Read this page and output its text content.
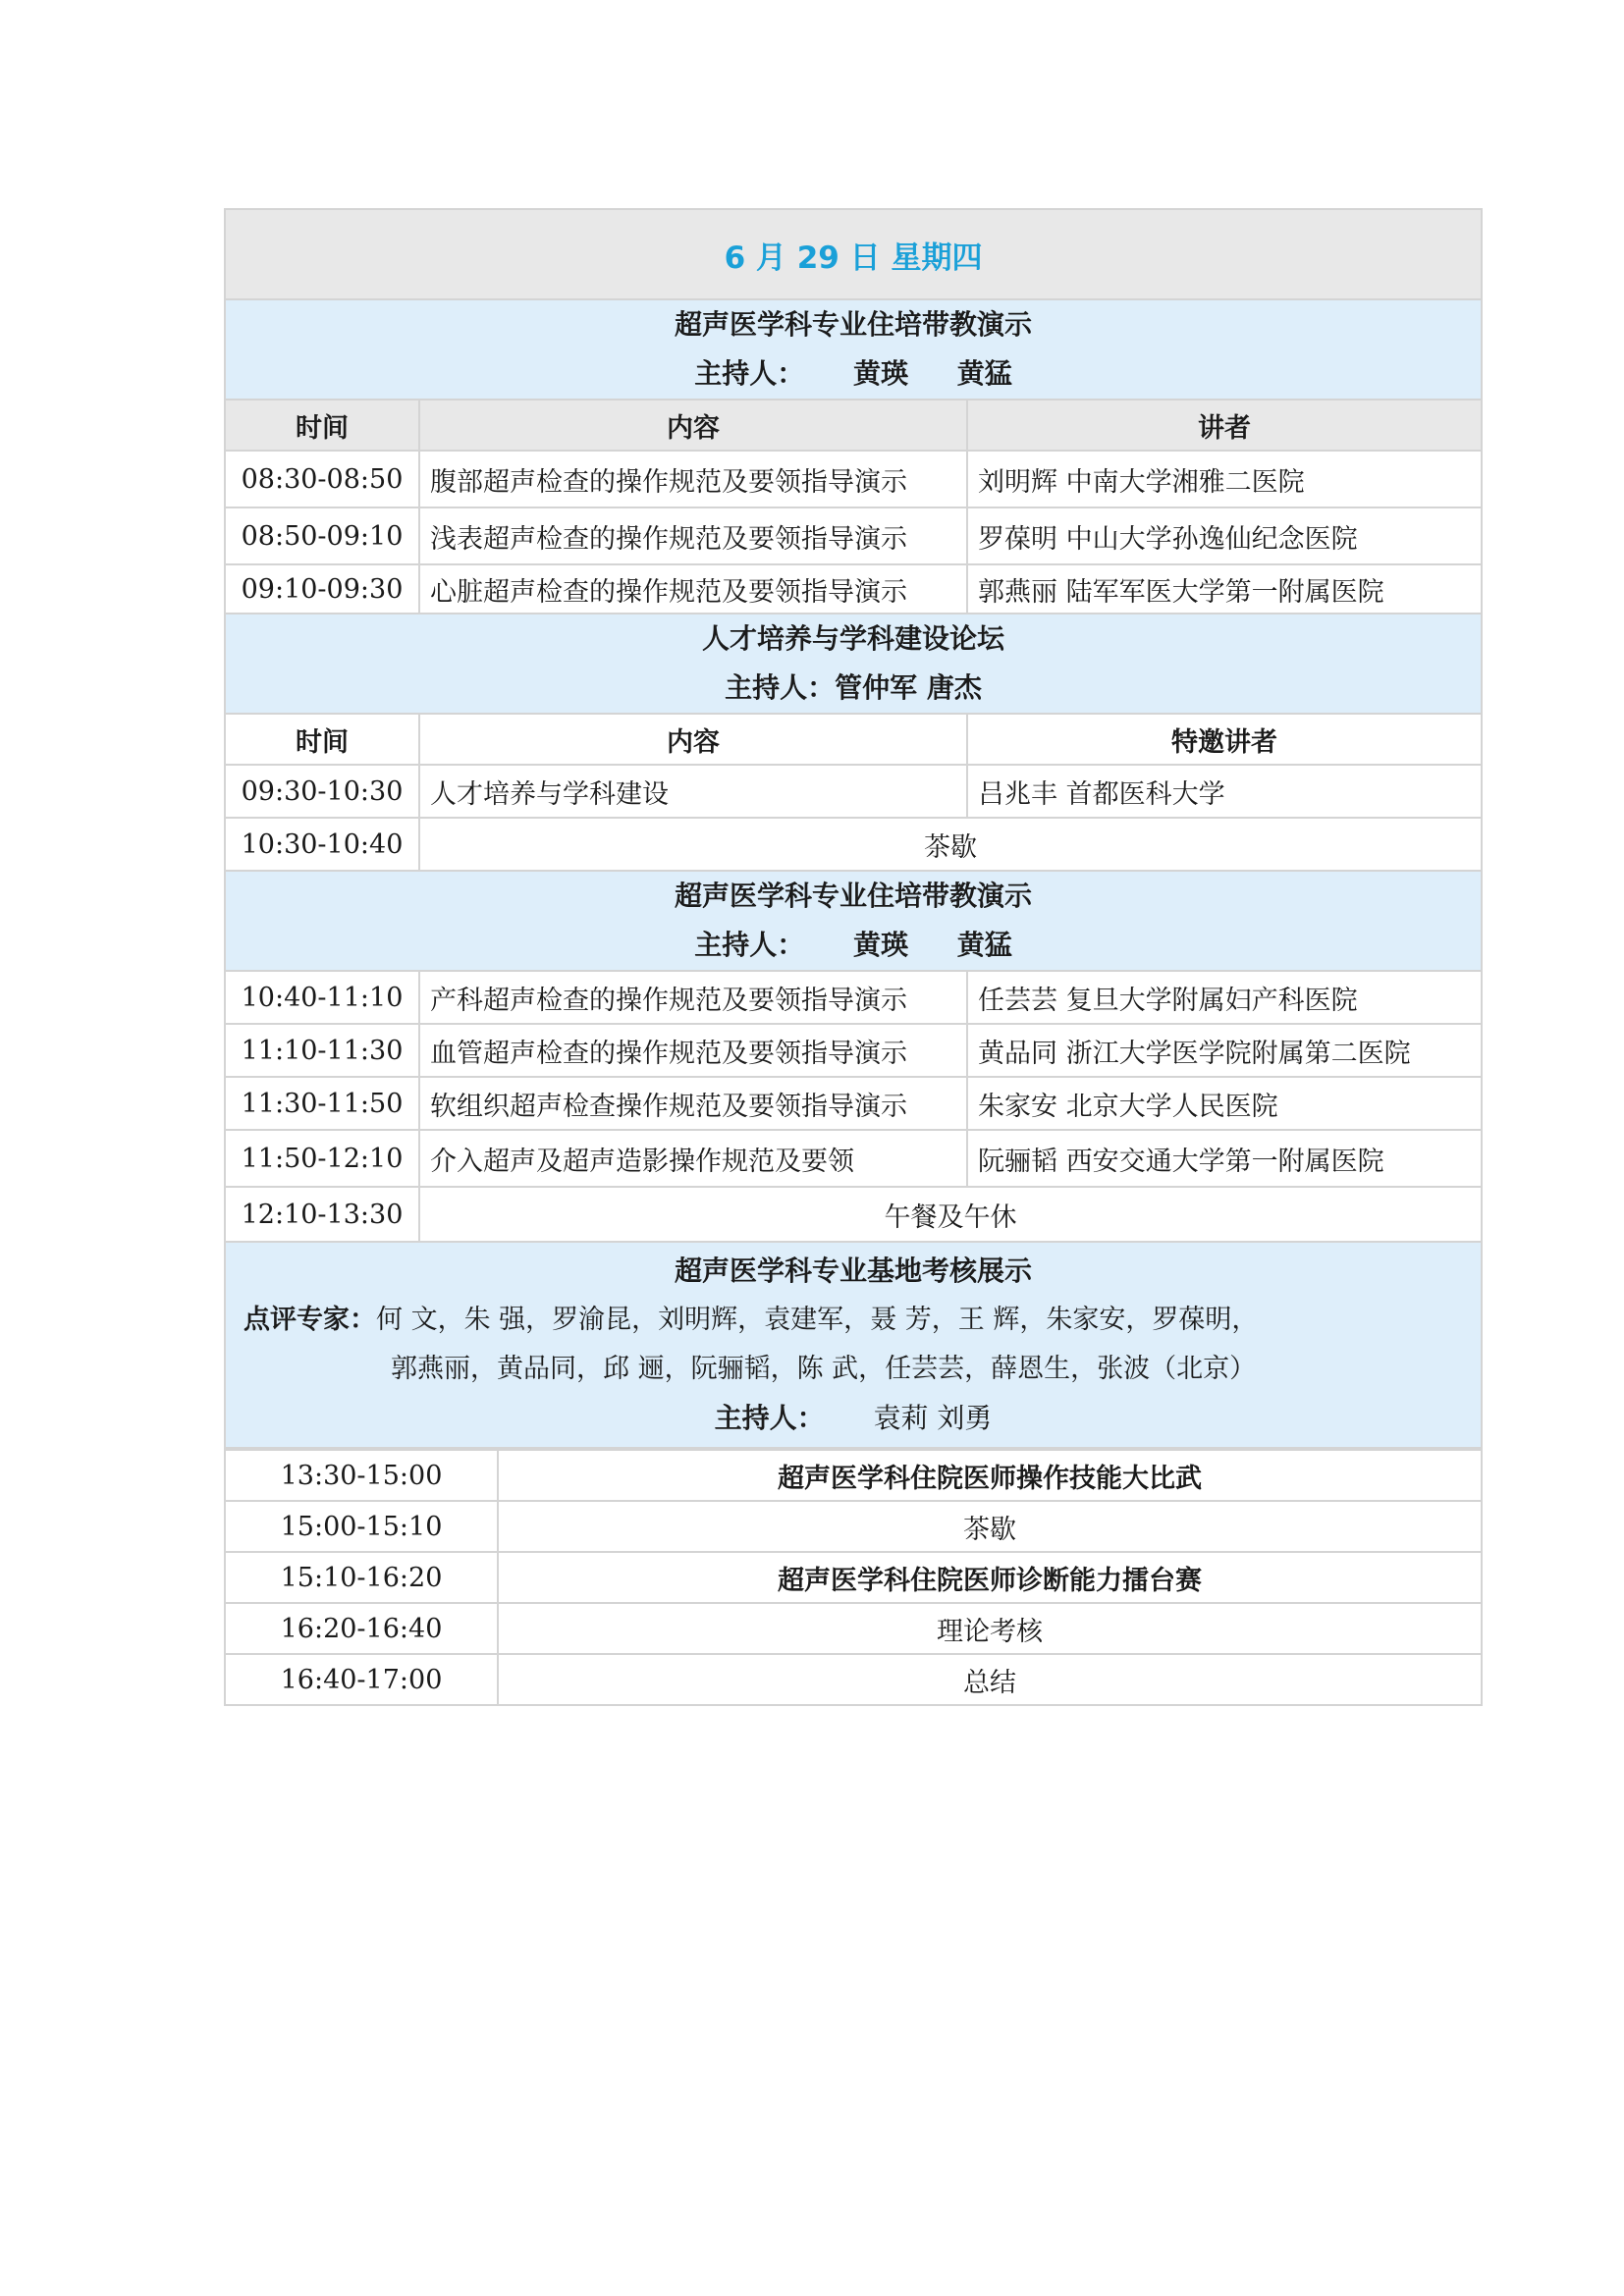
6 月 29 日 星期四		

超声医学科专业住培带教演示
主持人： 黄瑛 黄猛		

时间	内容	讲者
08:30-08:50	腹部超声检查的操作规范及要领指导演示	刘明辉 中南大学湘雅二医院
08:50-09:10	浅表超声检查的操作规范及要领指导演示	罗葆明 中山大学孙逸仙纪念医院
09:10-09:30	心脏超声检查的操作规范及要领指导演示	郭燕丽 陆军军医大学第一附属医院

人才培养与学科建设论坛
主持人：管仲军 唐杰		

时间	内容	特邀讲者
09:30-10:30	人才培养与学科建设	吕兆丰 首都医科大学
10:30-10:40	茶歇	

超声医学科专业住培带教演示
主持人： 黄瑛 黄猛		

10:40-11:10	产科超声检查的操作规范及要领指导演示	任芸芸 复旦大学附属妇产科医院
11:10-11:30	血管超声检查的操作规范及要领指导演示	黄品同 浙江大学医学院附属第二医院
11:30-11:50	软组织超声检查操作规范及要领指导演示	朱家安 北京大学人民医院
11:50-12:10	介入超声及超声造影操作规范及要领	阮骊韬 西安交通大学第一附属医院
12:10-13:30	午餐及午休	

超声医学科专业基地考核展示
点评专家：何 文，朱 强，罗渝昆，刘明辉，袁建军，聂 芳，王 辉，朱家安，罗葆明，
郭燕丽，黄品同，邱 逦，阮骊韬，陈 武，任芸芸，薛恩生，张波（北京）
主持人： 袁莉 刘勇		
13:30-15:00	超声医学科住院医师操作技能大比武
15:00-15:10	茶歇
15:10-16:20	超声医学科住院医师诊断能力擂台赛
16:20-16:40	理论考核
16:40-17:00	总结
